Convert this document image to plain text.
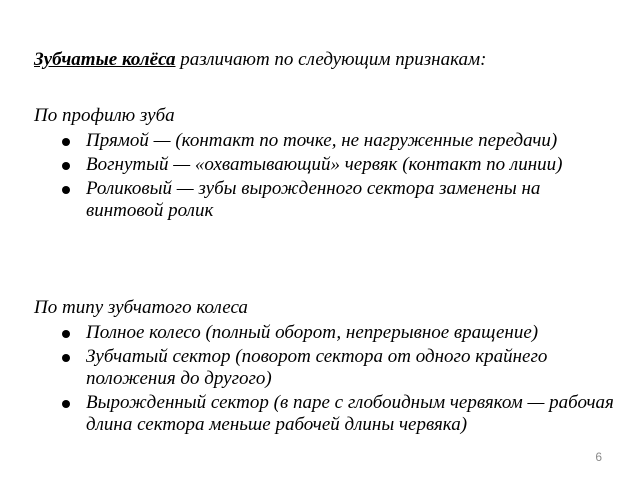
Зубчатые колёса различают по следующим признакам:
По профилю зуба
Прямой — (контакт по точке, не нагруженные передачи)
Вогнутый — «охватывающий» червяк (контакт по линии)
Роликовый — зубы вырожденного сектора заменены на винтовой ролик
По типу зубчатого колеса
Полное колесо (полный оборот, непрерывное вращение)
Зубчатый сектор (поворот сектора от одного крайнего положения до другого)
Вырожденный сектор (в паре с глобоидным червяком — рабочая длина сектора меньше рабочей длины червяка)
6
